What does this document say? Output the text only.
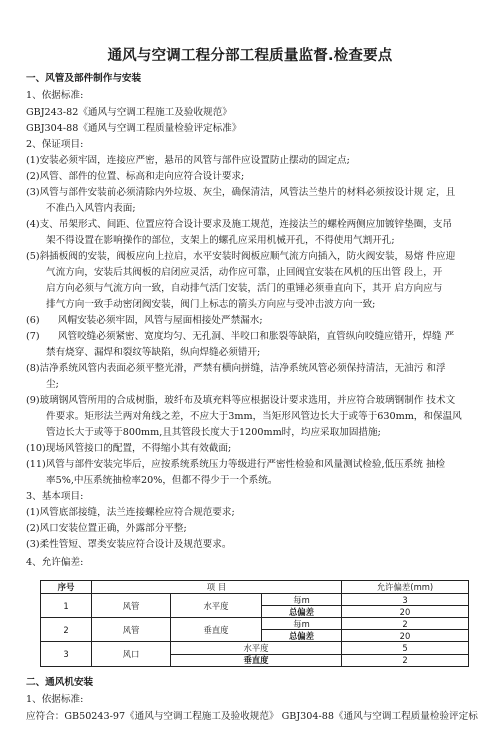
通风与空调工程分部工程质量监督.检查要点
一、风管及部件制作与安装
1、依据标准:
GBJ243-82《通风与空调工程施工及验收规范》
GBJ304-88《通风与空调工程质量检验评定标准》
2、保证项目:
(1)安装必须牢固，连接应严密，悬吊的风管与部件应设置防止摆动的固定点;
(2)风管、部件的位置、标高和走向应符合设计要求;
(3)风管与部件安装前必须清除内外垃圾、灰尘，确保清洁，风管法兰垫片的材料必须按设计规 定，且
不准凸入风管内表面;
(4)支、吊架形式、间距、位置应符合设计要求及施工规范，连接法兰的螺栓两侧应加镀锌垫圈，支吊
架不得设置在影响操作的部位，支架上的螺孔应采用机械开孔，不得使用气割开孔;
(5)斜插板阀的安装，阀板应向上拉启，水平安装时阀板应顺气流方向插入，防火阀安装，易熔 件应迎
气流方向，安装后其阀板的启闭应灵活，动作应可靠，止回阀宜安装在风机的压出管 段上，开
启方向必须与气流方向一致，自动排气活门安装，活门的重锤必须垂直向下，其开 启方向应与
排气方向一致手动密闭阀安装，阀门上标志的箭头方向应与受冲击波方向一致;
(6)      风帽安装必须牢固，风管与屋面相接处严禁漏水;
(7)      风管咬缝必须紧密、宽度均匀、无孔洞、半咬口和胀裂等缺陷，直管纵向咬缝应错开，焊缝 严
禁有烧穿、漏焊和裂纹等缺陷，纵向焊缝必须错开;
(8)洁净系统风管内表面必须平整光滑，严禁有横向拼缝，洁净系统风管必须保持清洁，无油污 和浮
尘;
(9)玻璃钢风管所用的合成树脂，玻纤布及填充料等应根据设计要求选用，并应符合玻璃钢制作 技术文
件要求。矩形法兰两对角线之差，不应大于3mm，当矩形风管边长大于或等于630mm，和保温风
管边长大于或等于800mm,且其管段长度大于1200mm时，均应采取加固措施;
(10)现场风管接口的配置，不得缩小其有效截面;
(11)风管与部件安装完毕后，应按系统系统压力等级进行严密性检验和风量测试检验,低压系统 抽检
率5%,中压系统抽检率20%，但都不得少于一个系统。
3、基本项目:
(1)风管底部接缝，法兰连接螺栓应符合规范要求;
序号	项 目			允许偏差(mm)
1	风管	水平度	每m	3
			总偏差	20
2	风管	垂直度	每m	2
			总偏差	20
3	风口	水平度		5
		垂直度		2
(2)风口安装位置正确，外露部分平整;
(3)柔性管短、罩类安装应符合设计及规范要求。
4、允许偏差:
二、通风机安装
1、依据标准:
应符合：GB50243-97《通风与空调工程施工及验收规范》 GBJ304-88《通风与空调工程质量检验评定标
